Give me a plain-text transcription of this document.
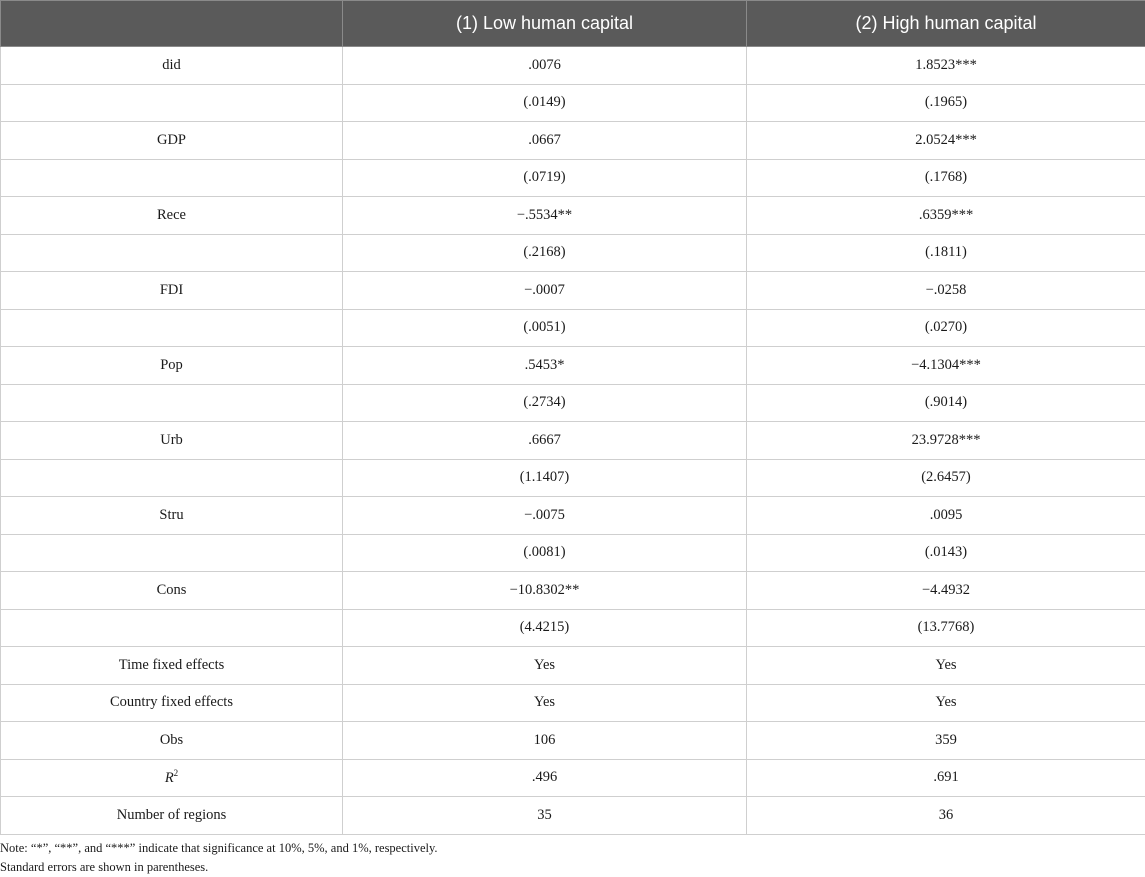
	(1) Low human capital	(2) High human capital
did	.0076	1.8523***
	(.0149)	(.1965)
GDP	.0667	2.0524***
	(.0719)	(.1768)
Rece	−.5534**	.6359***
	(.2168)	(.1811)
FDI	−.0007	−.0258
	(.0051)	(.0270)
Pop	.5453*	−4.1304***
	(.2734)	(.9014)
Urb	.6667	23.9728***
	(1.1407)	(2.6457)
Stru	−.0075	.0095
	(.0081)	(.0143)
Cons	−10.8302**	−4.4932
	(4.4215)	(13.7768)
Time fixed effects	Yes	Yes
Country fixed effects	Yes	Yes
Obs	106	359
$R^2$	.496	.691
Number of regions	35	36
Note: “*”, “**”, and “***” indicate that significance at 10%, 5%, and 1%, respectively.
Standard errors are shown in parentheses.
